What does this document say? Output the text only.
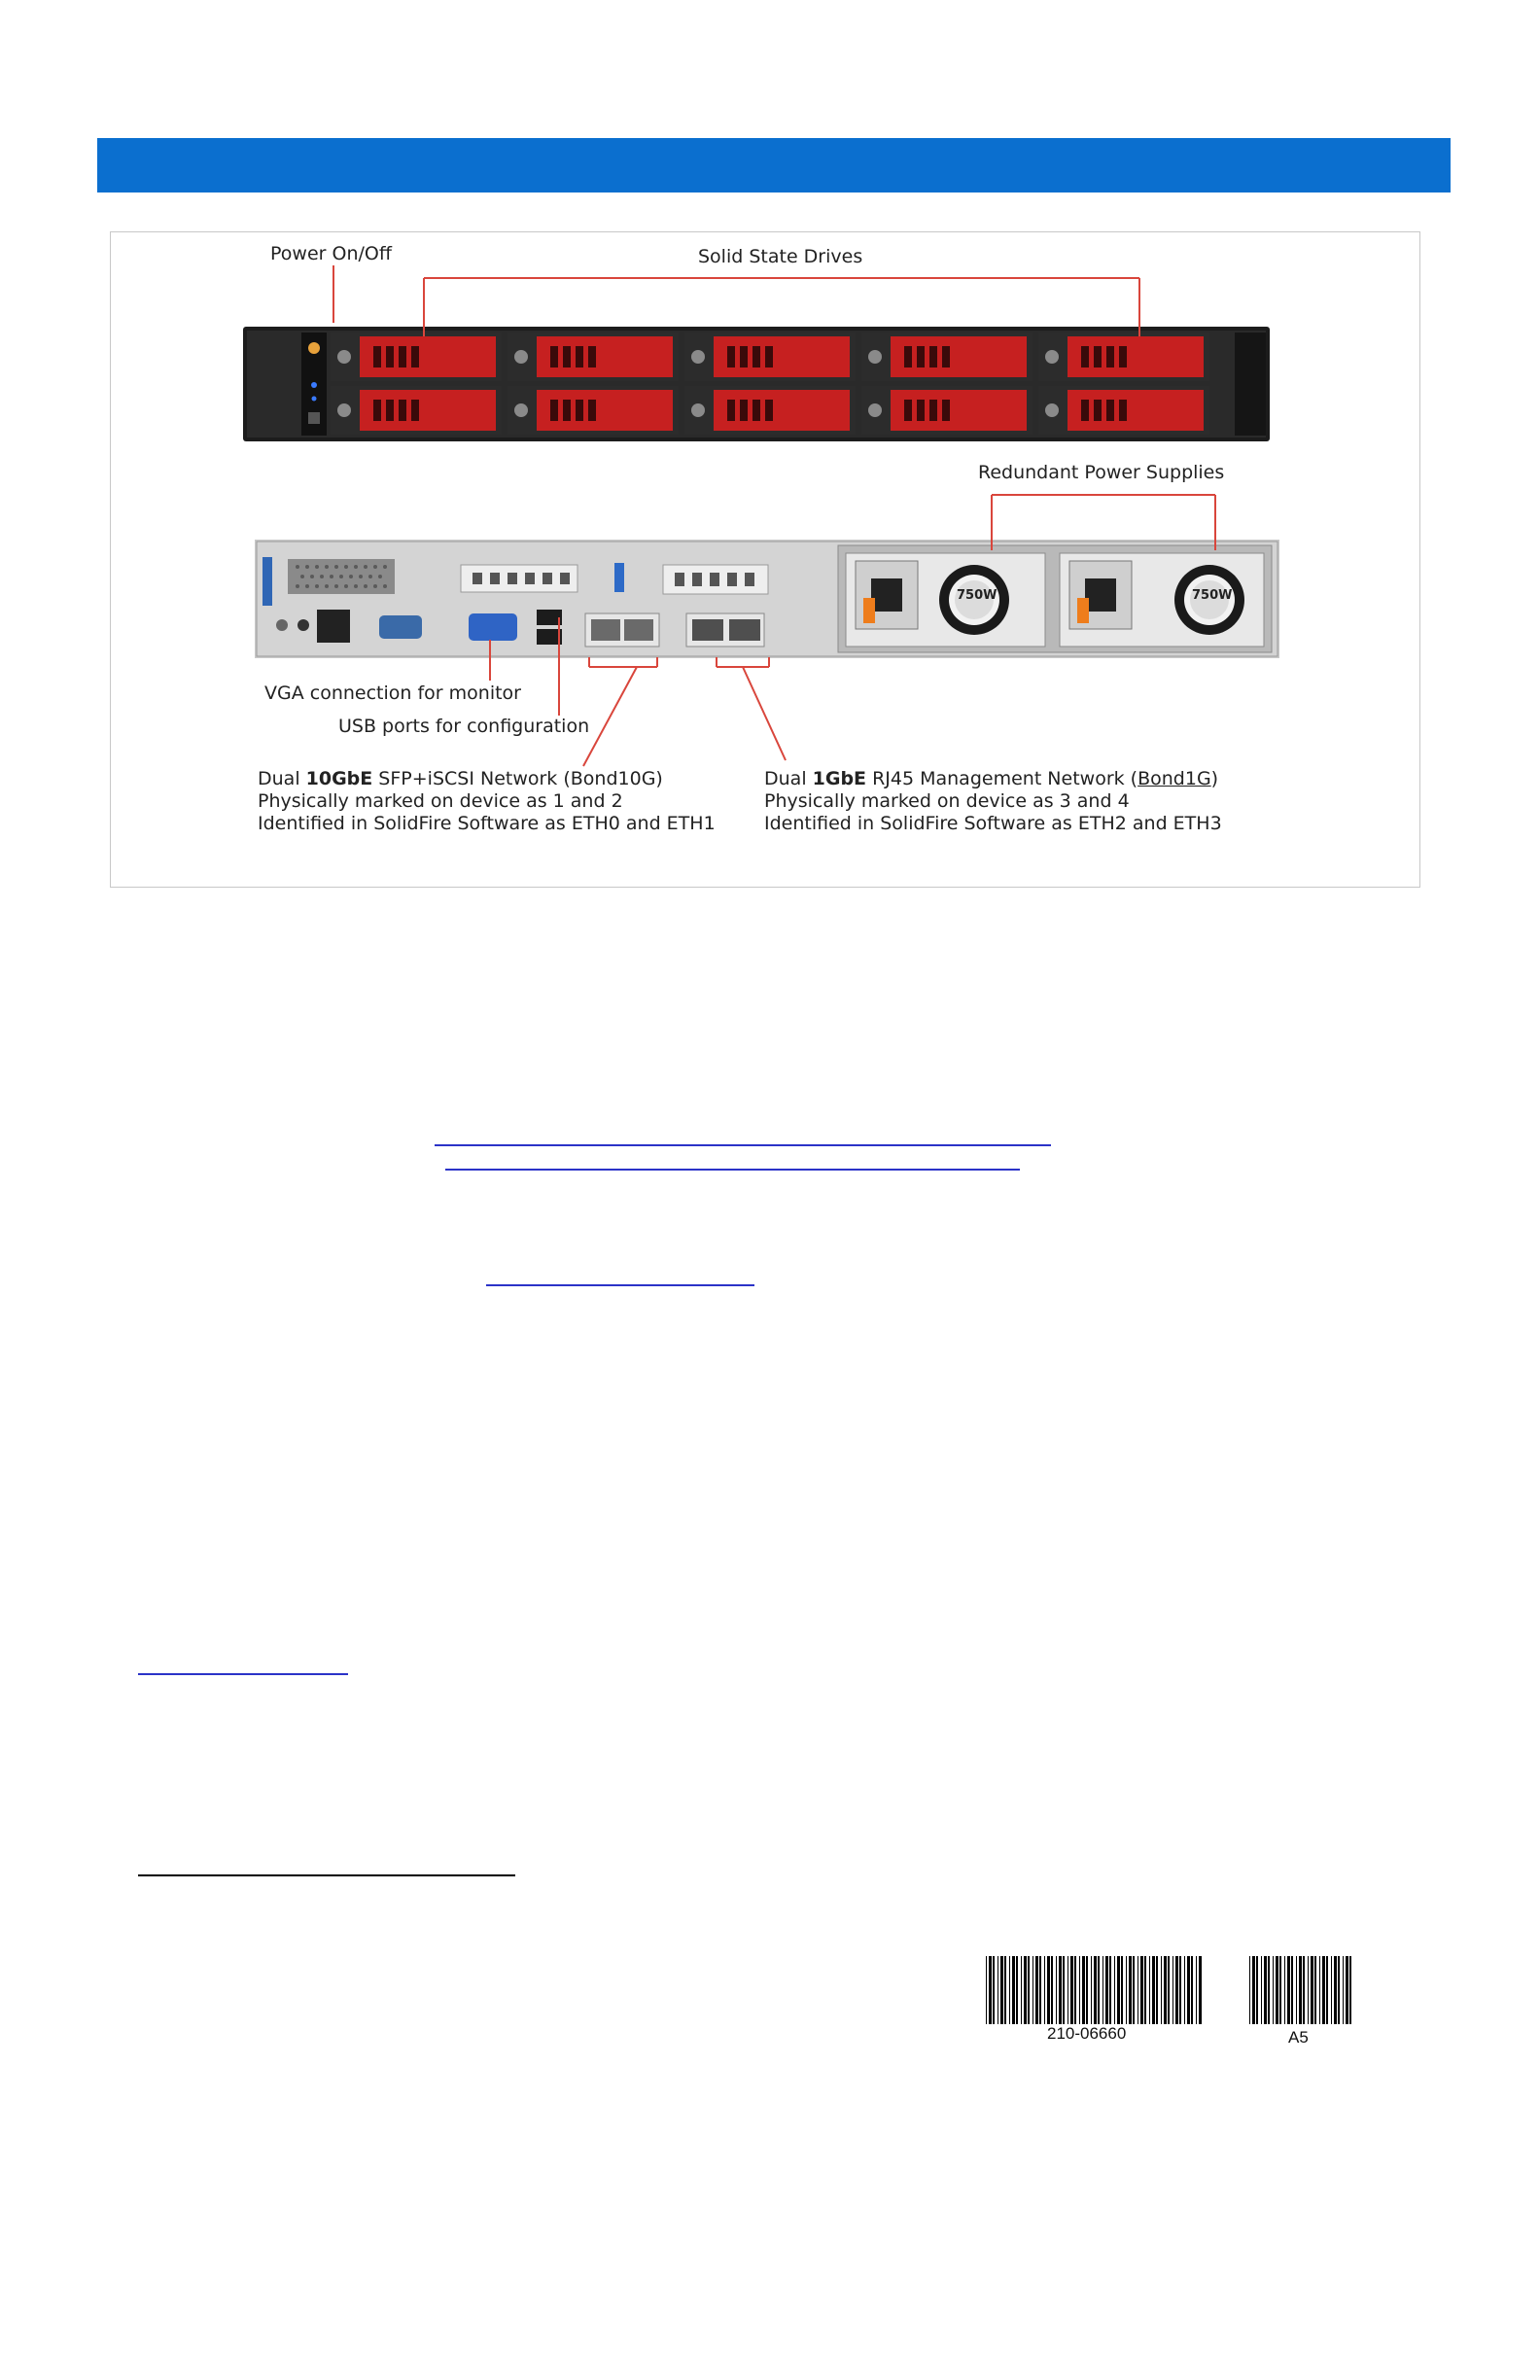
750W	750W
Power On/Off	Solid State Drives
Redundant Power Supplies
VGA connection for monitor
USB ports for configuration
Dual 10GbE SFP+iSCSI Network (Bond10G)
Physically marked on device as 1 and 2
Identified in SolidFire Software as ETH0 and ETH1
Dual 1GbE RJ45 Management Network (Bond1G)
Physically marked on device as 3 and 4
Identified in SolidFire Software as ETH2 and ETH3
210-06660	A5
